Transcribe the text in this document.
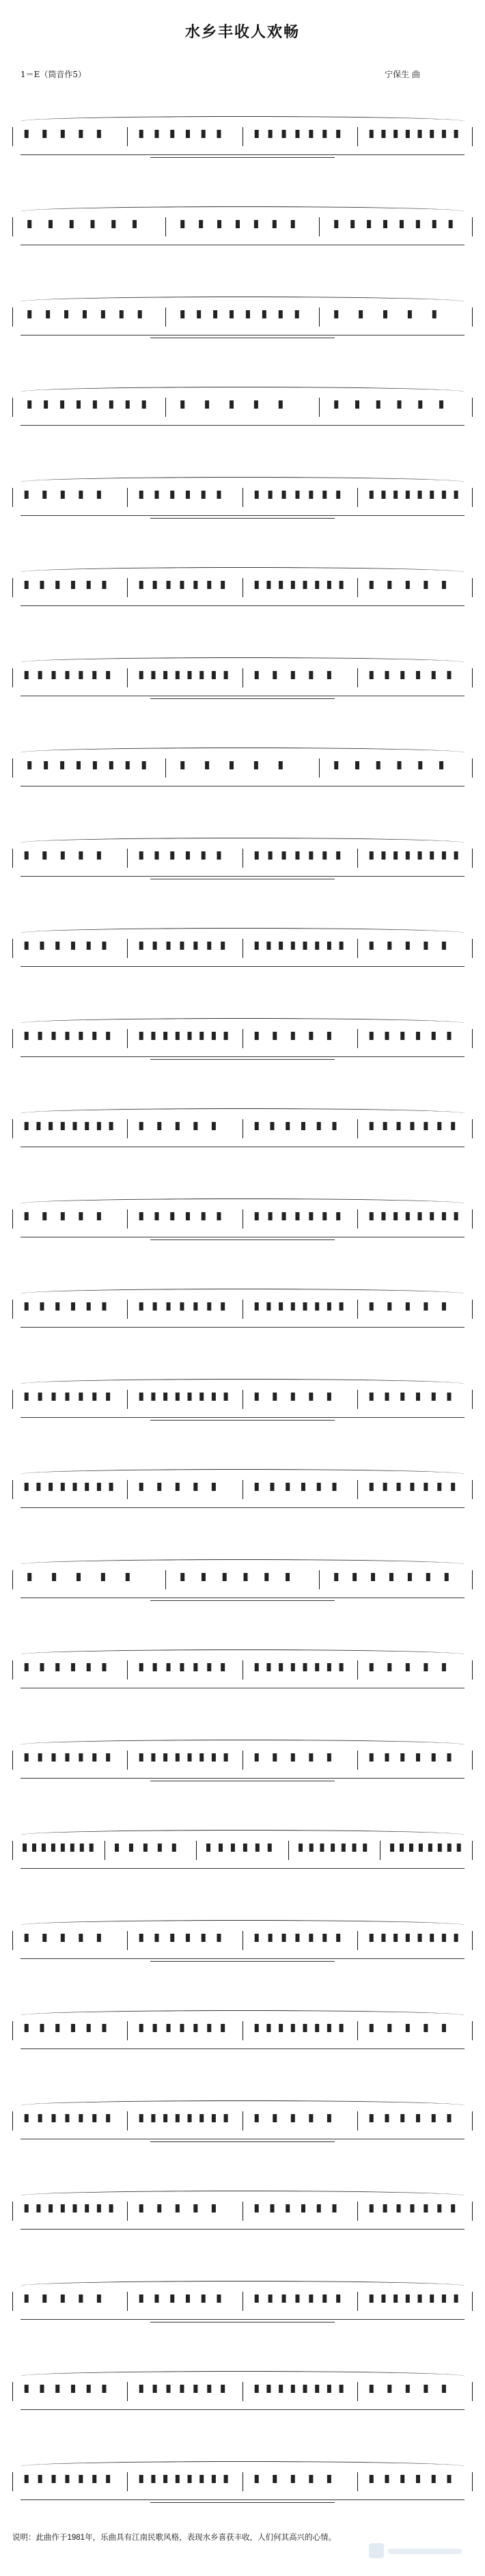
水乡丰收人欢畅
1＝E（筒音作5）	宁保生 曲
说明：此曲作于1981年，乐曲具有江南民歌风格，表现水乡喜获丰收，人们何其高兴的心情。
